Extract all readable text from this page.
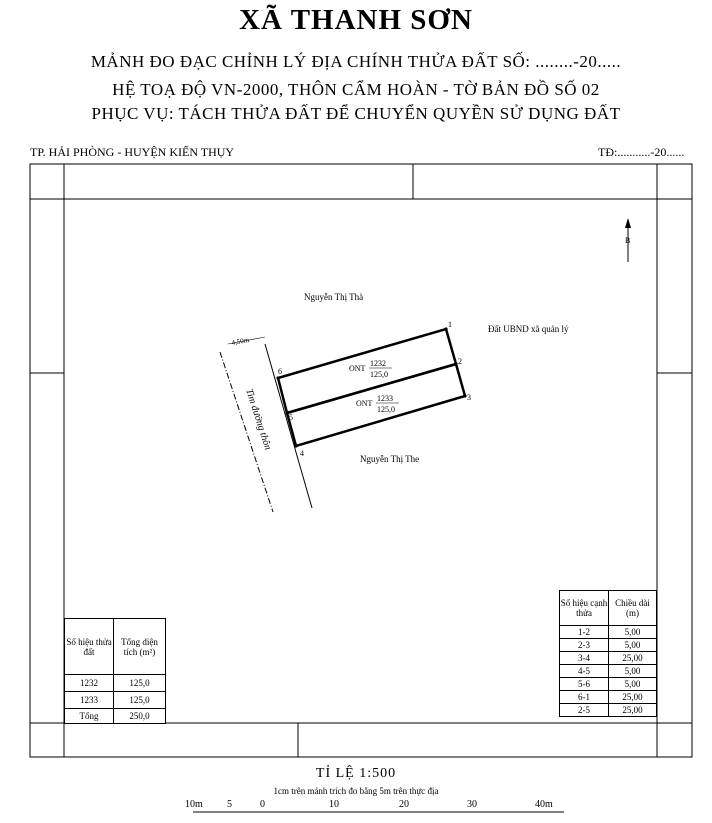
XÃ THANH SƠN
MẢNH ĐO ĐẠC CHỈNH LÝ ĐỊA CHÍNH THỬA ĐẤT SỐ: ........-20.....
HỆ TOẠ ĐỘ VN-2000, THÔN CẨM HOÀN - TỜ BẢN ĐỒ SỐ 02
PHỤC VỤ: TÁCH THỬA ĐẤT ĐỂ CHUYỂN QUYỀN SỬ DỤNG ĐẤT
TP. HẢI PHÒNG - HUYỆN KIẾN THỤY	TĐ:...........-20......
B
4,50m
Tim đường thôn
1
2
3
4
5
6	ONT
1232
125,0
ONT
1233
125,0
Nguyễn Thị Thà
Nguyễn Thị The
Đất UBND xã quản lý
Số hiệu thửa đất	Tổng diện tích (m²)
1232	125,0
1233	125,0
Tổng	250,0
Số hiệu cạnh thửa	Chiều dài (m)
1-2	5,00
2-3	5,00
3-4	25,00
4-5	5,00
5-6	5,00
6-1	25,00
2-5	25,00
TỈ LỆ 1:500
1cm trên mảnh trích đo bằng 5m trên thực địa
10m 5	0	10	20	30	40m
